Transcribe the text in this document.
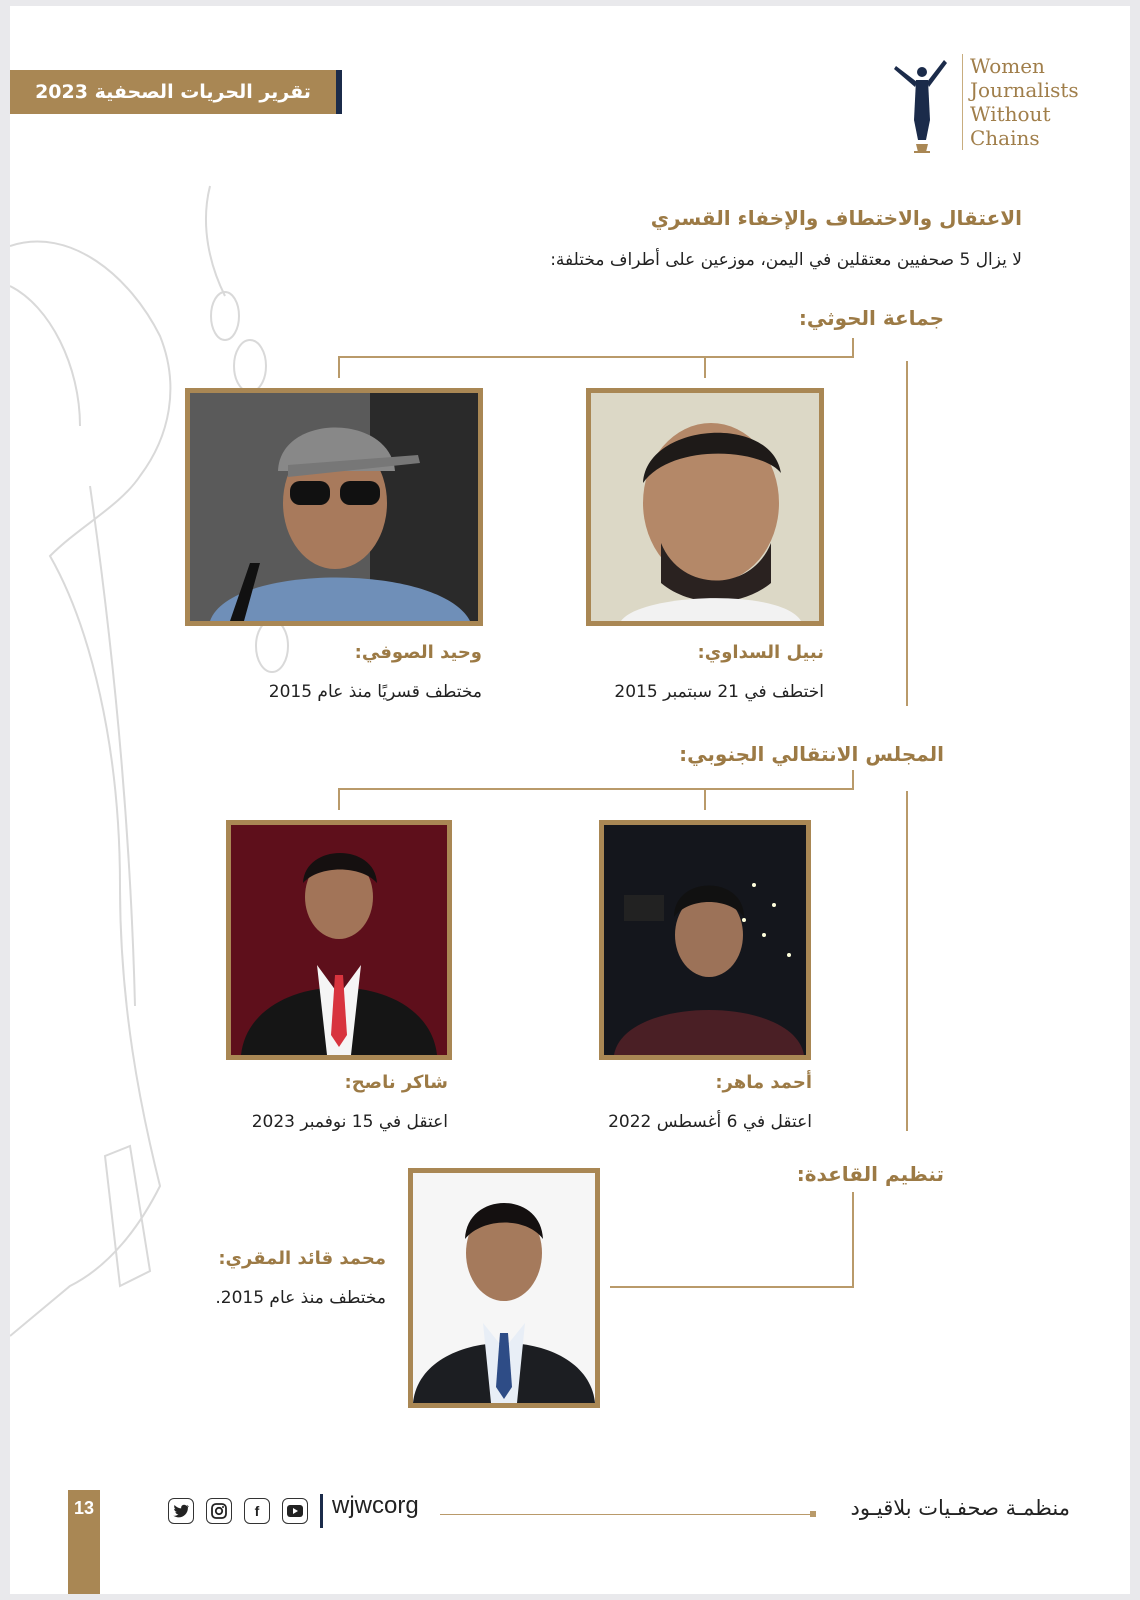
تقرير الحريات الصحفية 2023
Women
Journalists
Without
Chains
الاعتقال والاختطاف والإخفاء القسري
لا يزال 5 صحفيين معتقلين في اليمن، موزعين على أطراف مختلفة:
جماعة الحوثي:
نبيل السداوي:
اختطف في 21 سبتمبر 2015
وحيد الصوفي:
مختطف قسريًا منذ عام 2015
المجلس الانتقالي الجنوبي:
أحمد ماهر:
اعتقل في 6 أغسطس 2022
شاكر ناصح:
اعتقل في 15 نوفمبر 2023
تنظيم القاعدة:
محمد قائد المقري:
مختطف منذ عام 2015.
منظمـة صحفـيات بلاقيـود
wjwcorg
f
13
